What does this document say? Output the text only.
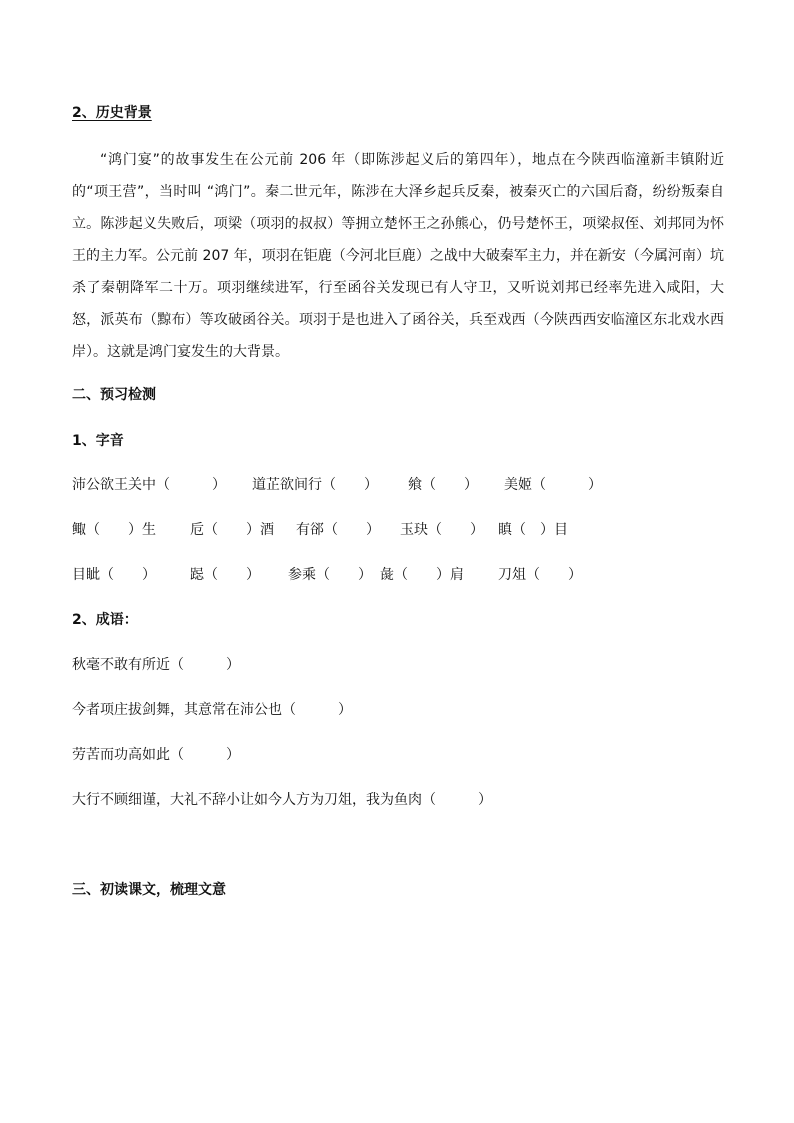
2、历史背景

“鸿门宴”的故事发生在公元前 206 年（即陈涉起义后的第四年），地点在今陕西临潼新丰镇附近的“项王营”，当时叫 “鸿门”。秦二世元年，陈涉在大泽乡起兵反秦，被秦灭亡的六国后裔，纷纷叛秦自立。陈涉起义失败后，项梁（项羽的叔叔）等拥立楚怀王之孙熊心，仍号楚怀王，项梁叔侄、刘邦同为怀王的主力军。公元前 207 年，项羽在钜鹿（今河北巨鹿）之战中大破秦军主力，并在新安（今属河南）坑杀了秦朝降军二十万。项羽继续进军，行至函谷关发现已有人守卫，又听说刘邦已经率先进入咸阳，大怒，派英布（黥布）等攻破函谷关。项羽于是也进入了函谷关，兵至戏西（今陕西西安临潼区东北戏水西岸）。这就是鸿门宴发生的大背景。

二、预习检测
1、字音
沛公欲王关中（　　　） 道芷欲间行（　　） 飨（　　） 美姬（　　　）
鲰（　　）生 卮（　　）酒 有郤（　　） 玉玦（　　） 瞋（　）目
目眦（　　） 跽（　　） 参乘（　　） 彘（　　）肩 刀俎（　　）
2、成语：
秋毫不敢有所近（　　　）
今者项庄拔剑舞，其意常在沛公也（　　　）
劳苦而功高如此（　　　）
大行不顾细谨，大礼不辞小让如今人方为刀俎，我为鱼肉（　　　）
三、初读课文，梳理文意
